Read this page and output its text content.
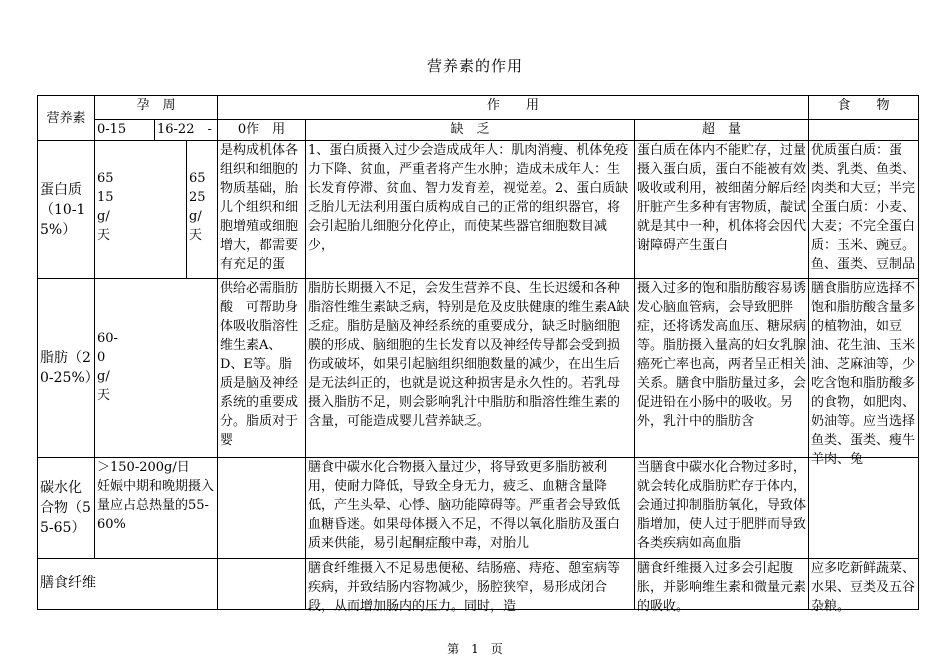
营养素的作用
营养素	孕　周			作　　用			食　　物
	0-15	16-22　-		0作　用	缺　乏	超　量	

蛋白质（10-15%）	65 15 g/ 天		65 25 g/ 天	是构成机体各组织和细胞的物质基础，胎儿个组织和细胞增殖或细胞增大，都需要有充足的蛋	1、蛋白质摄入过少会造成成年人：肌肉消瘦、机体免疫力下降、贫血，严重者将产生水肿；造成未成年人：生长发育停滞、贫血、智力发育差，视觉差。2、蛋白质缺乏胎儿无法利用蛋白质构成自己的正常的组织器官，将会引起胎儿细胞分化停止，而使某些器官细胞数目减少，	蛋白质在体内不能贮存，过量摄入蛋白质，蛋白不能被有效吸收或利用，被细菌分解后经肝脏产生多种有害物质，靛试就是其中一种，机体将会因代谢障碍产生蛋白	优质蛋白质：蛋类、乳类、鱼类、肉类和大豆；半完全蛋白质：小麦、大麦；不完全蛋白质：玉米、豌豆。鱼、蛋类、豆制品

脂肪（20-25%）	60- 0 g/ 天			供给必需脂肪酸　可帮助身体吸收脂溶性维生素A、D、E等。脂质是脑及神经系统的重要成分。脂质对于婴	脂肪长期摄入不足，会发生营养不良、生长迟缓和各种脂溶性维生素缺乏病，特别是危及皮肤健康的维生素A缺乏症。脂肪是脑及神经系统的重要成分，缺乏时脑细胞膜的形成、脑细胞的生长发育以及神经传导都会受到损伤或破坏，如果引起脑组织细胞数量的减少，在出生后是无法纠正的，也就是说这种损害是永久性的。若乳母摄入脂肪不足，则会影响乳汁中脂肪和脂溶性维生素的含量，可能造成婴儿营养缺乏。	摄入过多的饱和脂肪酸容易诱发心脑血管病，会导致肥胖症，还将诱发高血压、糖尿病等。脂肪摄入量高的妇女乳腺癌死亡率也高，两者呈正相关关系。膳食中脂肪量过多，会促进铅在小肠中的吸收。另外，乳汁中的脂肪含	膳食脂肪应选择不饱和脂肪酸含量多的植物油，如豆油、花生油、玉米油、芝麻油等，少吃含饱和脂肪酸多的食物，如肥肉、奶油等。应当选择鱼类、蛋类、瘦牛羊肉、兔

碳水化合物（55-65）	＞150-200g/日　妊娠中期和晚期摄入量应占总热量的55-60%				膳食中碳水化合物摄入量过少，将导致更多脂肪被利用，使耐力降低，导致全身无力，疲乏、血糖含量降低，产生头晕、心悸、脑功能障碍等。严重者会导致低血糖昏迷。如果母体摄入不足，不得以氧化脂肪及蛋白质来供能，易引起酮症酸中毒，对胎儿	当膳食中碳水化合物过多时，就会转化成脂肪贮存于体内，会通过抑制脂肪氧化，导致体脂增加，使人过于肥胖而导致各类疾病如高血脂	

膳食纤维					膳食纤维摄入不足易患便秘、结肠癌、痔疮、憩室病等疾病，并致结肠内容物减少，肠腔狭窄，易形成闭合段，从而增加肠内的压力。同时，造	膳食纤维摄入过多会引起腹胀，并影响维生素和微量元素的吸收。	应多吃新鲜蔬菜、水果、豆类及五谷杂粮。
第　1　页
